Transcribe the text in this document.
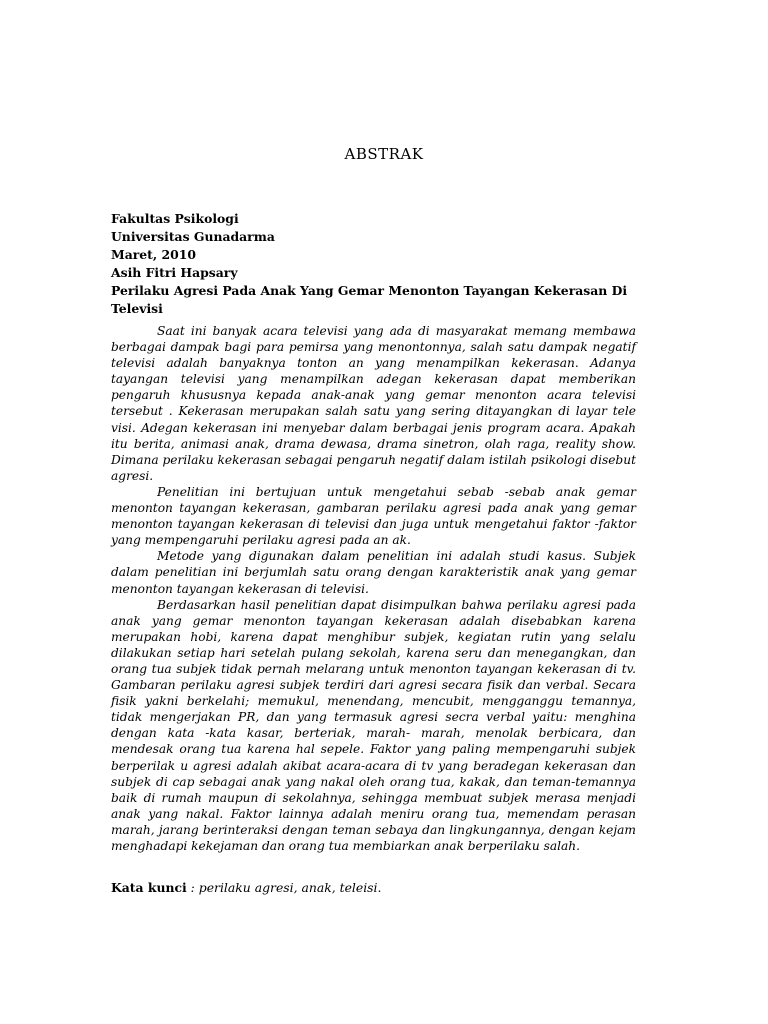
ABSTRAK
Fakultas Psikologi
Universitas Gunadarma
Maret, 2010
Asih Fitri Hapsary
Perilaku Agresi Pada Anak Yang Gemar Menonton Tayangan Kekerasan Di Televisi

Saat ini banyak acara televisi yang ada di masyarakat memang membawa berbagai dampak bagi para pemirsa yang menontonnya, salah satu dampak negatif televisi adalah banyaknya tonton an yang menampilkan kekerasan. Adanya tayangan televisi yang menampilkan adegan kekerasan dapat memberikan pengaruh khususnya kepada anak-anak yang gemar menonton acara televisi tersebut . Kekerasan merupakan salah satu yang sering ditayangkan di layar tele visi. Adegan kekerasan ini menyebar dalam berbagai jenis program acara. Apakah itu berita, animasi anak, drama dewasa, drama sinetron, olah raga, reality show. Dimana perilaku kekerasan sebagai pengaruh negatif dalam istilah psikologi disebut agresi.

Penelitian ini bertujuan untuk mengetahui sebab -sebab anak gemar menonton tayangan kekerasan, gambaran perilaku agresi pada anak yang gemar menonton tayangan kekerasan di televisi dan juga untuk mengetahui faktor -faktor yang mempengaruhi perilaku agresi pada an ak.

Metode yang digunakan dalam penelitian ini adalah studi kasus. Subjek dalam penelitian ini berjumlah satu orang dengan karakteristik anak yang gemar menonton tayangan kekerasan di televisi.

Berdasarkan hasil penelitian dapat disimpulkan bahwa perilaku agresi pada anak yang gemar menonton tayangan kekerasan adalah disebabkan karena merupakan hobi, karena dapat menghibur subjek, kegiatan rutin yang selalu dilakukan setiap hari setelah pulang sekolah, karena seru dan menegangkan, dan orang tua subjek tidak pernah melarang untuk menonton tayangan kekerasan di tv. Gambaran perilaku agresi subjek terdiri dari agresi secara fisik dan verbal. Secara fisik yakni berkelahi; memukul, menendang, mencubit, mengganggu temannya, tidak mengerjakan PR, dan yang termasuk agresi secra verbal yaitu: menghina dengan kata -kata kasar, berteriak, marah- marah, menolak berbicara, dan mendesak orang tua karena hal sepele. Faktor yang paling mempengaruhi subjek berperilak u agresi adalah akibat acara-acara di tv yang beradegan kekerasan dan subjek di cap sebagai anak yang nakal oleh orang tua, kakak, dan teman-temannya baik di rumah maupun di sekolahnya, sehingga membuat subjek merasa menjadi anak yang nakal. Faktor lainnya adalah meniru orang tua, memendam perasan marah, jarang berinteraksi dengan teman sebaya dan lingkungannya, dengan kejam menghadapi kekejaman dan orang tua membiarkan anak berperilaku salah.

Kata kunci : perilaku agresi, anak, teleisi.
